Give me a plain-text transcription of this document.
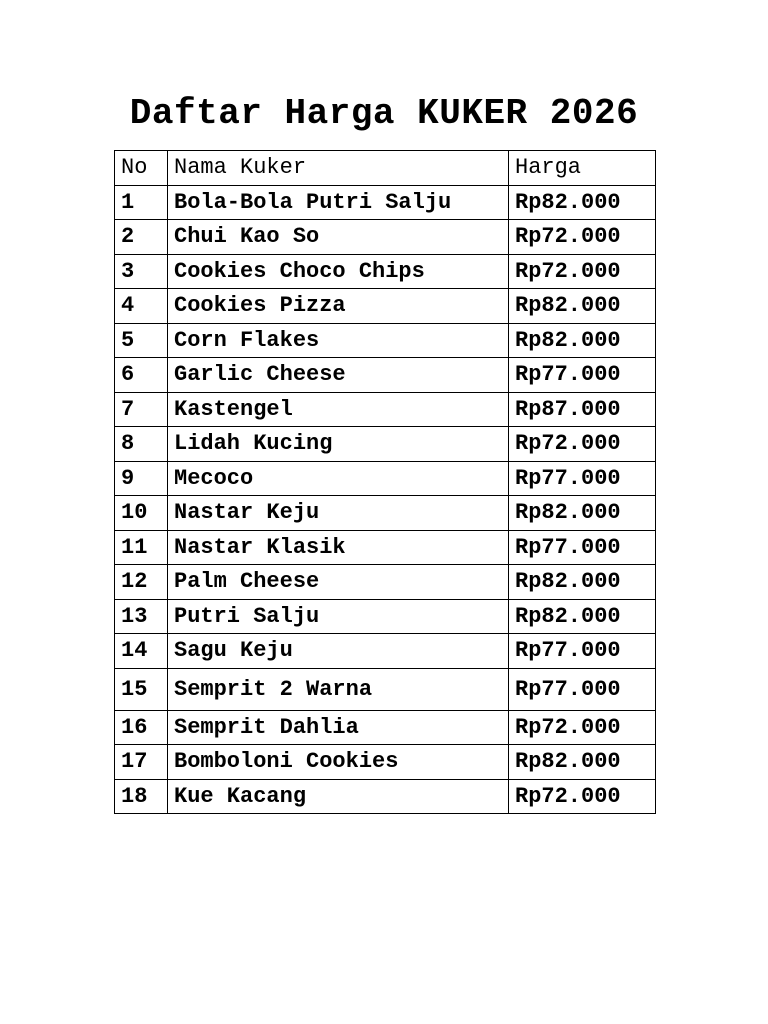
Daftar Harga KUKER 2026
No	Nama Kuker	Harga
1	Bola-Bola Putri Salju	Rp82.000
2	Chui Kao So	Rp72.000
3	Cookies Choco Chips	Rp72.000
4	Cookies Pizza	Rp82.000
5	Corn Flakes	Rp82.000
6	Garlic Cheese	Rp77.000
7	Kastengel	Rp87.000
8	Lidah Kucing	Rp72.000
9	Mecoco	Rp77.000
10	Nastar Keju	Rp82.000
11	Nastar Klasik	Rp77.000
12	Palm Cheese	Rp82.000
13	Putri Salju	Rp82.000
14	Sagu Keju	Rp77.000
15	Semprit 2 Warna	Rp77.000
16	Semprit Dahlia	Rp72.000
17	Bomboloni Cookies	Rp82.000
18	Kue Kacang	Rp72.000
